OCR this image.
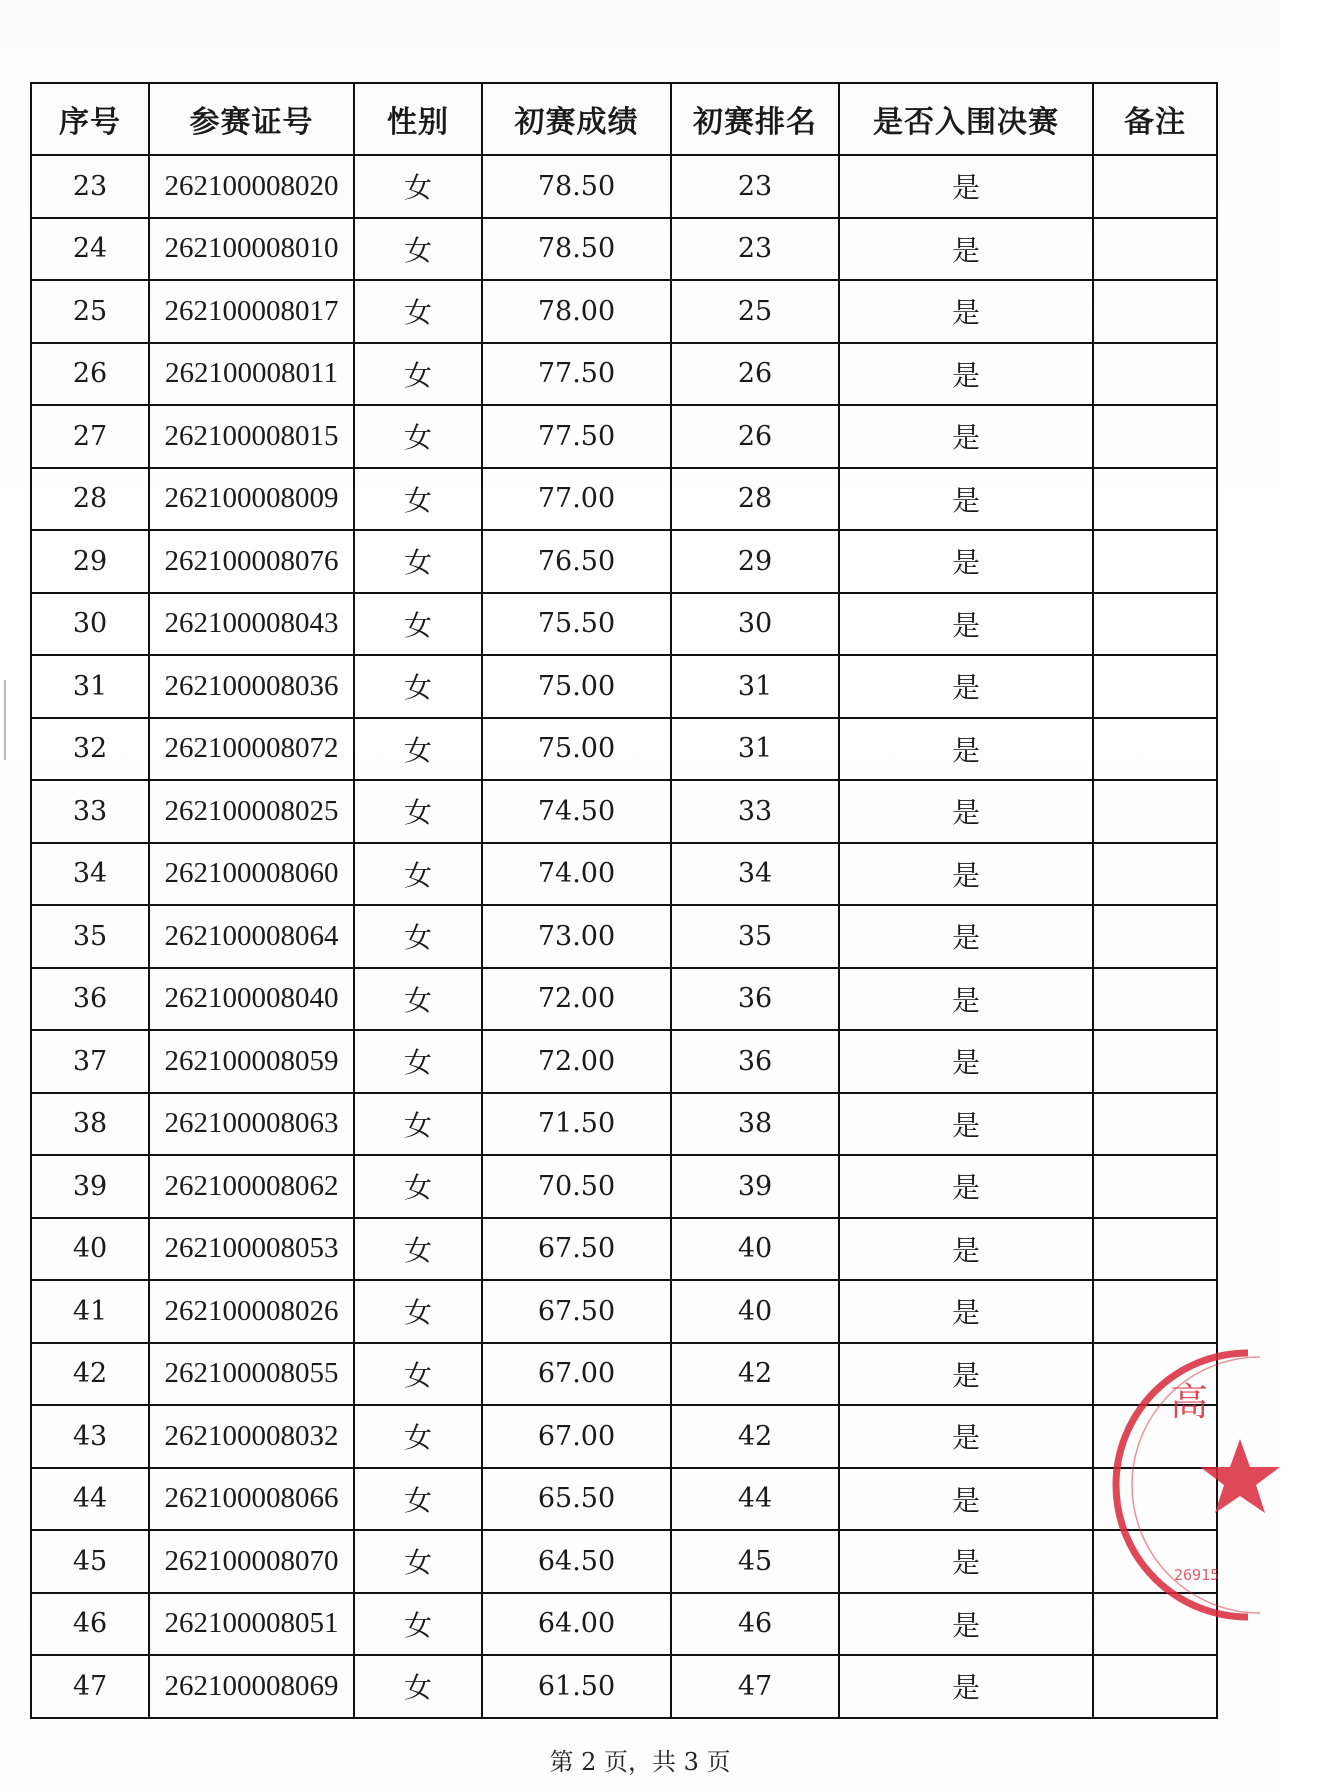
序号	参赛证号	性别	初赛成绩	初赛排名	是否入围决赛	备注
23	262100008020	女	78.50	23	是	
24	262100008010	女	78.50	23	是	
25	262100008017	女	78.00	25	是	
26	262100008011	女	77.50	26	是	
27	262100008015	女	77.50	26	是	
28	262100008009	女	77.00	28	是	
29	262100008076	女	76.50	29	是	
30	262100008043	女	75.50	30	是	
31	262100008036	女	75.00	31	是	
32	262100008072	女	75.00	31	是	
33	262100008025	女	74.50	33	是	
34	262100008060	女	74.00	34	是	
35	262100008064	女	73.00	35	是	
36	262100008040	女	72.00	36	是	
37	262100008059	女	72.00	36	是	
38	262100008063	女	71.50	38	是	
39	262100008062	女	70.50	39	是	
40	262100008053	女	67.50	40	是	
41	262100008026	女	67.50	40	是	
42	262100008055	女	67.00	42	是	
43	262100008032	女	67.00	42	是	
44	262100008066	女	65.50	44	是	
45	262100008070	女	64.50	45	是	
46	262100008051	女	64.00	46	是	
47	262100008069	女	61.50	47	是	
高
26915
第 2 页，共 3 页
